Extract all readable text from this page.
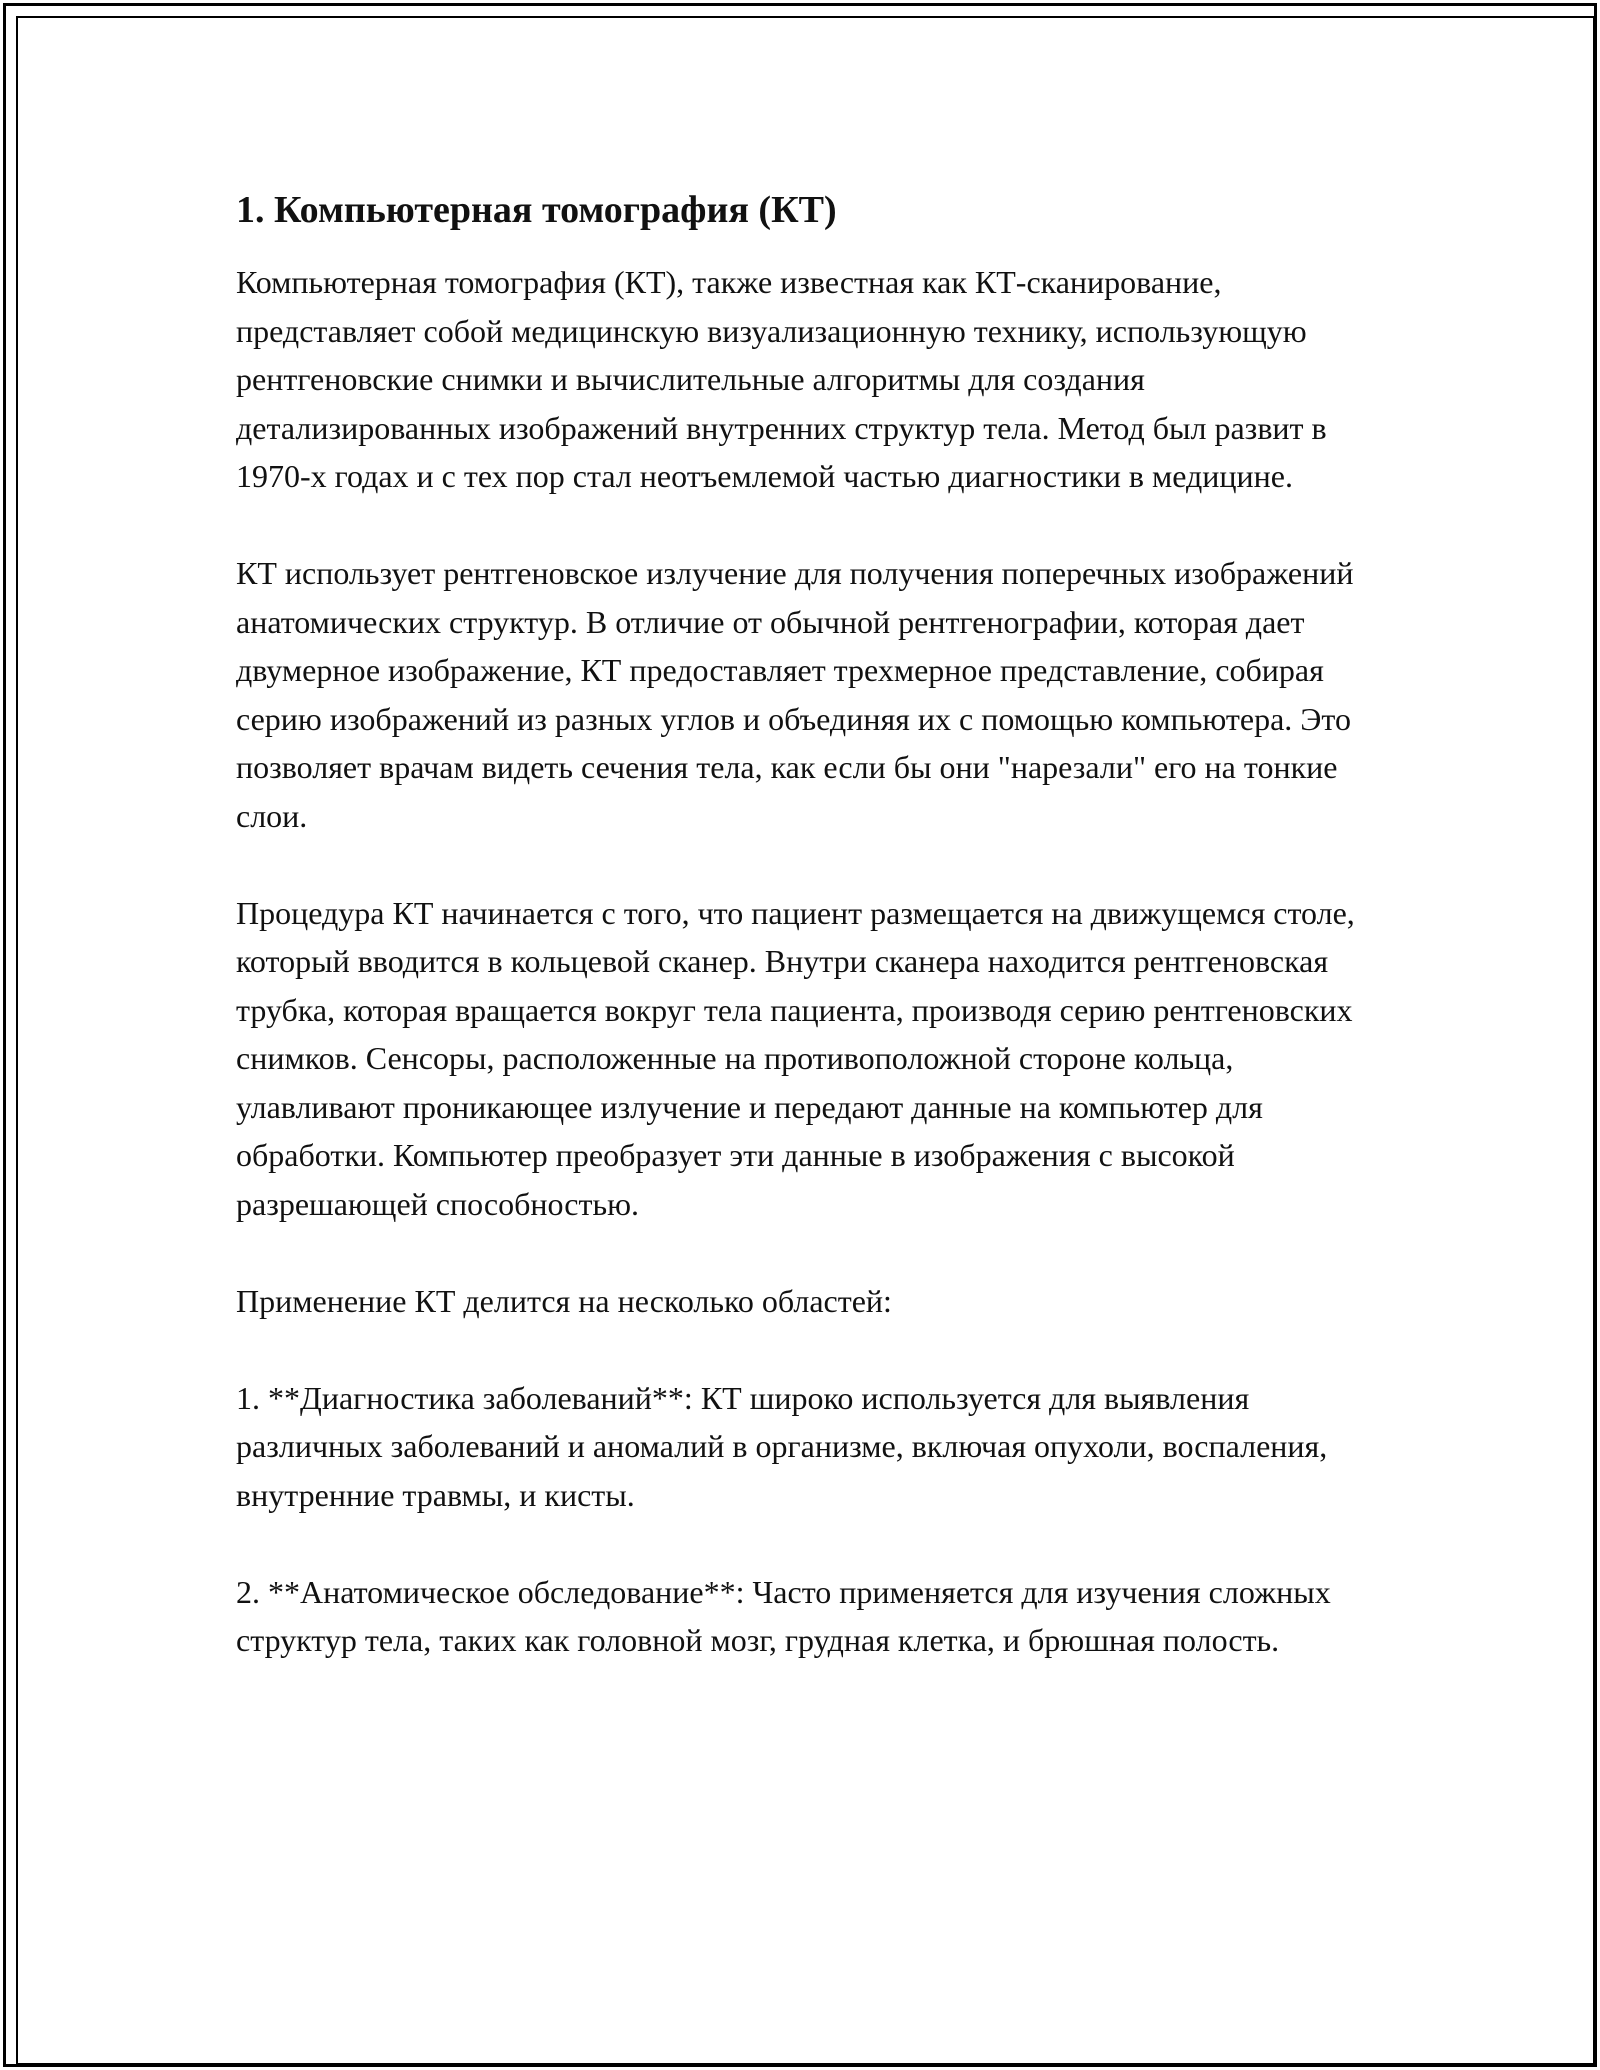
1. Компьютерная томография (КТ)

Компьютерная томография (КТ), также известная как КТ-сканирование, представляет собой медицинскую визуализационную технику, использующую рентгеновские снимки и вычислительные алгоритмы для создания детализированных изображений внутренних структур тела. Метод был развит в 1970-х годах и с тех пор стал неотъемлемой частью диагностики в медицине.

КТ использует рентгеновское излучение для получения поперечных изображений анатомических структур. В отличие от обычной рентгенографии, которая дает двумерное изображение, КТ предоставляет трехмерное представление, собирая серию изображений из разных углов и объединяя их с помощью компьютера. Это позволяет врачам видеть сечения тела, как если бы они "нарезали" его на тонкие слои.

Процедура КТ начинается с того, что пациент размещается на движущемся столе, который вводится в кольцевой сканер. Внутри сканера находится рентгеновская трубка, которая вращается вокруг тела пациента, производя серию рентгеновских снимков. Сенсоры, расположенные на противоположной стороне кольца, улавливают проникающее излучение и передают данные на компьютер для обработки. Компьютер преобразует эти данные в изображения с высокой разрешающей способностью.

Применение КТ делится на несколько областей:

1. **Диагностика заболеваний**: КТ широко используется для выявления различных заболеваний и аномалий в организме, включая опухоли, воспаления, внутренние травмы, и кисты.

2. **Анатомическое обследование**: Часто применяется для изучения сложных структур тела, таких как головной мозг, грудная клетка, и брюшная полость.
